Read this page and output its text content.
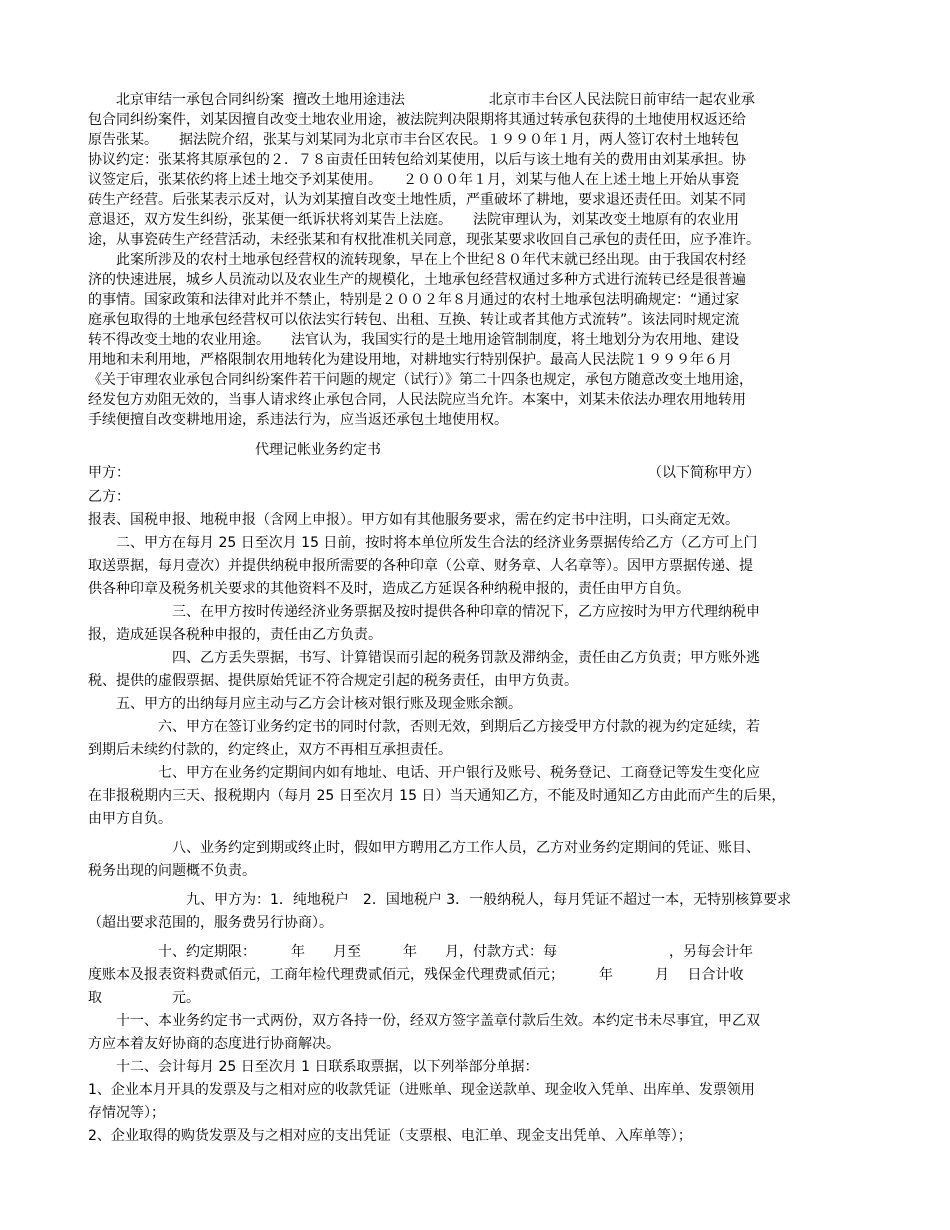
　　北京审结一承包合同纠纷案  擅改土地用途违法　　　　　　北京市丰台区人民法院日前审结一起农业承
包合同纠纷案件，刘某因擅自改变土地农业用途，被法院判决限期将其通过转承包获得的土地使用权返还给
原告张某。　　据法院介绍，张某与刘某同为北京市丰台区农民。１９９０年１月，两人签订农村土地转包
协议约定：张某将其原承包的２．７８亩责任田转包给刘某使用，以后与该土地有关的费用由刘某承担。协
议签定后，张某依约将上述土地交予刘某使用。　　２０００年１月，刘某与他人在上述土地上开始从事瓷
砖生产经营。后张某表示反对，认为刘某擅自改变土地性质，严重破坏了耕地，要求退还责任田。刘某不同
意退还，双方发生纠纷，张某便一纸诉状将刘某告上法庭。　　法院审理认为，刘某改变土地原有的农业用
途，从事瓷砖生产经营活动，未经张某和有权批准机关同意，现张某要求收回自己承包的责任田，应予准许。
　　此案所涉及的农村土地承包经营权的流转现象，早在上个世纪８０年代末就已经出现。由于我国农村经
济的快速进展，城乡人员流动以及农业生产的规模化，土地承包经营权通过多种方式进行流转已经是很普遍
的事情。国家政策和法律对此并不禁止，特别是２００２年８月通过的农村土地承包法明确规定：“通过家
庭承包取得的土地承包经营权可以依法实行转包、出租、互换、转让或者其他方式流转”。该法同时规定流
转不得改变土地的农业用途。　　法官认为，我国实行的是土地用途管制制度，将土地划分为农用地、建设
用地和未利用地，严格限制农用地转化为建设用地，对耕地实行特别保护。最高人民法院１９９９年６月
《关于审理农业承包合同纠纷案件若干问题的规定（试行）》第二十四条也规定，承包方随意改变土地用途，
经发包方劝阻无效的，当事人请求终止承包合同，人民法院应当允许。本案中，刘某未依法办理农用地转用
手续便擅自改变耕地用途，系违法行为，应当返还承包土地使用权。
代理记帐业务约定书
甲方：	（以下简称甲方）
乙方：
报表、国税申报、地税申报（含网上申报）。甲方如有其他服务要求，需在约定书中注明，口头商定无效。
　　二、甲方在每月 25 日至次月 15 日前，按时将本单位所发生合法的经济业务票据传给乙方（乙方可上门
取送票据，每月壹次）并提供纳税申报所需要的各种印章（公章、财务章、人名章等）。因甲方票据传递、提
供各种印章及税务机关要求的其他资料不及时，造成乙方延误各种纳税申报的，责任由甲方自负。
　　　　　　三、在甲方按时传递经济业务票据及按时提供各种印章的情况下，乙方应按时为甲方代理纳税申
报，造成延误各税种申报的，责任由乙方负责。
　　　　　　四、乙方丢失票据，书写、计算错误而引起的税务罚款及滞纳金，责任由乙方负责；甲方账外逃
税、提供的虚假票据、提供原始凭证不符合规定引起的税务责任，由甲方负责。
　　五、甲方的出纳每月应主动与乙方会计核对银行账及现金账余额。
　　　　　六、甲方在签订业务约定书的同时付款，否则无效，到期后乙方接受甲方付款的视为约定延续，若
到期后未续约付款的，约定终止，双方不再相互承担责任。
　　　　　七、甲方在业务约定期间内如有地址、电话、开户银行及账号、税务登记、工商登记等发生变化应
在非报税期内三天、报税期内（每月 25 日至次月 15 日）当天通知乙方，不能及时通知乙方由此而产生的后果，
由甲方自负。
　　　　　　八、业务约定到期或终止时，假如甲方聘用乙方工作人员，乙方对业务约定期间的凭证、账目、
税务出现的问题概不负责。
　　　　　　　九、甲方为：1．纯地税户　2．国地税户 3．一般纳税人，每月凭证不超过一本，无特别核算要求
（超出要求范围的，服务费另行协商）。
　　　　　十、约定期限：　　　年　　月至　　　年　　月，付款方式：每　　　　　　　　，另每会计年
度账本及报表资料费贰佰元，工商年检代理费贰佰元，残保金代理费贰佰元；　　　年　　　月　 日合计收
取　　　　　元。
　　十一、本业务约定书一式两份，双方各持一份，经双方签字盖章付款后生效。本约定书未尽事宜，甲乙双
方应本着友好协商的态度进行协商解决。
　　十二、会计每月 25 日至次月 1 日联系取票据，以下列举部分单据：
1、企业本月开具的发票及与之相对应的收款凭证（进账单、现金送款单、现金收入凭单、出库单、发票领用
存情况等）；
2、企业取得的购货发票及与之相对应的支出凭证（支票根、电汇单、现金支出凭单、入库单等）；
